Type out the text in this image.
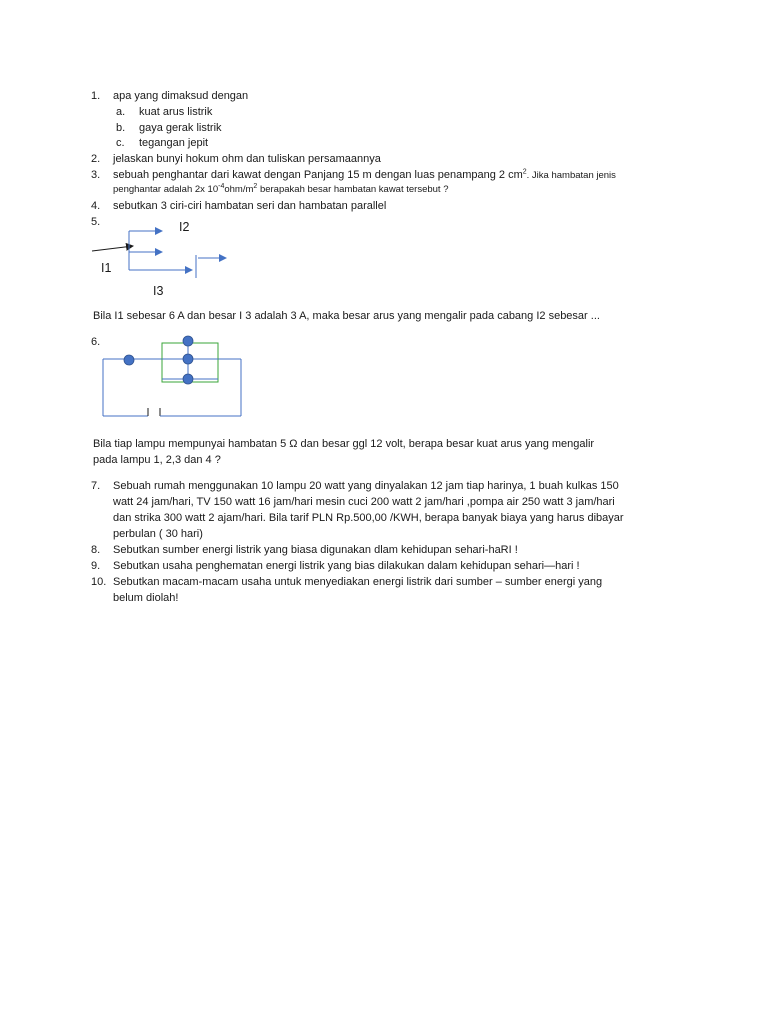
1. apa yang dimaksud dengan
a. kuat arus listrik
b. gaya gerak listrik
c. tegangan jepit
2. jelaskan bunyi hokum ohm dan tuliskan persamaannya
3. sebuah penghantar dari kawat dengan Panjang 15 m dengan luas penampang 2 $cm^2$. Jika hambatan jenis
penghantar adalah 2x $10^{-4}ohm/m^2$ berapakah besar hambatan kawat tersebut ?
4. sebutkan 3 ciri-ciri hambatan seri dan hambatan parallel
5.	I2
I1
I3
Bila I1 sebesar 6 A dan besar I 3 adalah 3 A, maka besar arus yang mengalir pada cabang I2 sebesar ...
6.
Bila tiap lampu mempunyai hambatan 5 Ω dan besar ggl 12 volt, berapa besar kuat arus yang mengalir
pada lampu 1, 2,3 dan 4 ?
7. Sebuah rumah menggunakan 10 lampu 20 watt yang dinyalakan 12 jam tiap harinya, 1 buah kulkas 150
watt 24 jam/hari, TV 150 watt 16 jam/hari mesin cuci 200 watt 2 jam/hari ,pompa air 250 watt 3 jam/hari
dan strika 300 watt 2 ajam/hari. Bila tarif PLN Rp.500,00 /KWH, berapa banyak biaya yang harus dibayar
perbulan ( 30 hari)
8. Sebutkan sumber energi listrik yang biasa digunakan dlam kehidupan sehari-haRI !
9. Sebutkan usaha penghematan energi listrik yang bias dilakukan dalam kehidupan sehari—hari !
10. Sebutkan macam-macam usaha untuk menyediakan energi listrik dari sumber – sumber energi yang
belum diolah!
